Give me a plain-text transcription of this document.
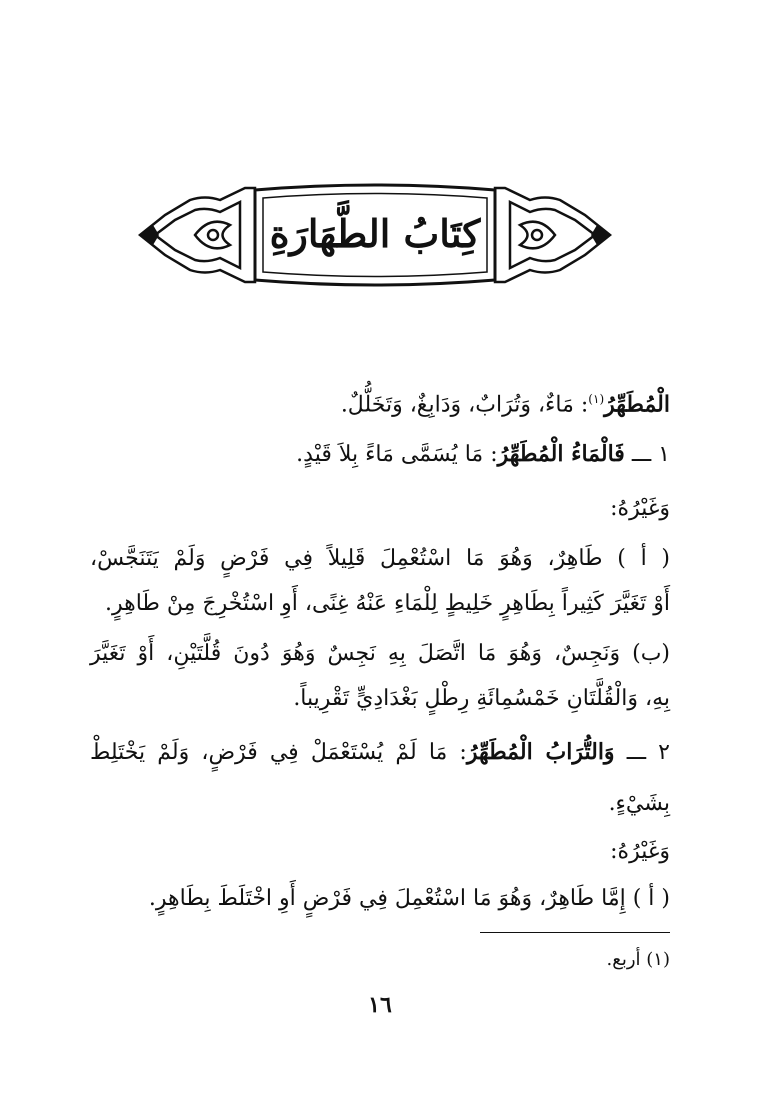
كِتَابُ الطَّهَارَةِ
الْمُطَهِّرُ$^{(١)}$: مَاءٌ، وَتُرَابٌ، وَدَابِغٌ، وَتَخَلُّلٌ.
١ ـــ فَالْمَاءُ الْمُطَهِّرُ: مَا يُسَمَّى مَاءً بِلاَ قَيْدٍ.
وَغَيْرُهُ:
( أ ) طَاهِرٌ، وَهُوَ مَا اسْتُعْمِلَ قَلِيلاً فِي فَرْضٍ وَلَمْ يَتَنَجَّسْ،
أَوْ تَغَيَّرَ كَثِيراً بِطَاهِرٍ خَلِيطٍ لِلْمَاءِ عَنْهُ غِنًى، أَوِ اسْتُخْرِجَ مِنْ طَاهِرٍ.
(ب) وَنَجِسٌ، وَهُوَ مَا اتَّصَلَ بِهِ نَجِسٌ وَهُوَ دُونَ قُلَّتَيْنِ، أَوْ تَغَيَّرَ
بِهِ، وَالْقُلَّتَانِ خَمْسُمِائَةِ رِطْلٍ بَغْدَادِيٍّ تَقْرِيباً.
٢ ـــ وَالتُّرَابُ الْمُطَهِّرُ: مَا لَمْ يُسْتَعْمَلْ فِي فَرْضٍ، وَلَمْ يَخْتَلِطْ
بِشَيْءٍ.
وَغَيْرُهُ:
( أ ) إِمَّا طَاهِرٌ، وَهُوَ مَا اسْتُعْمِلَ فِي فَرْضٍ أَوِ اخْتَلَطَ بِطَاهِرٍ.
(١) أربع.
١٦
